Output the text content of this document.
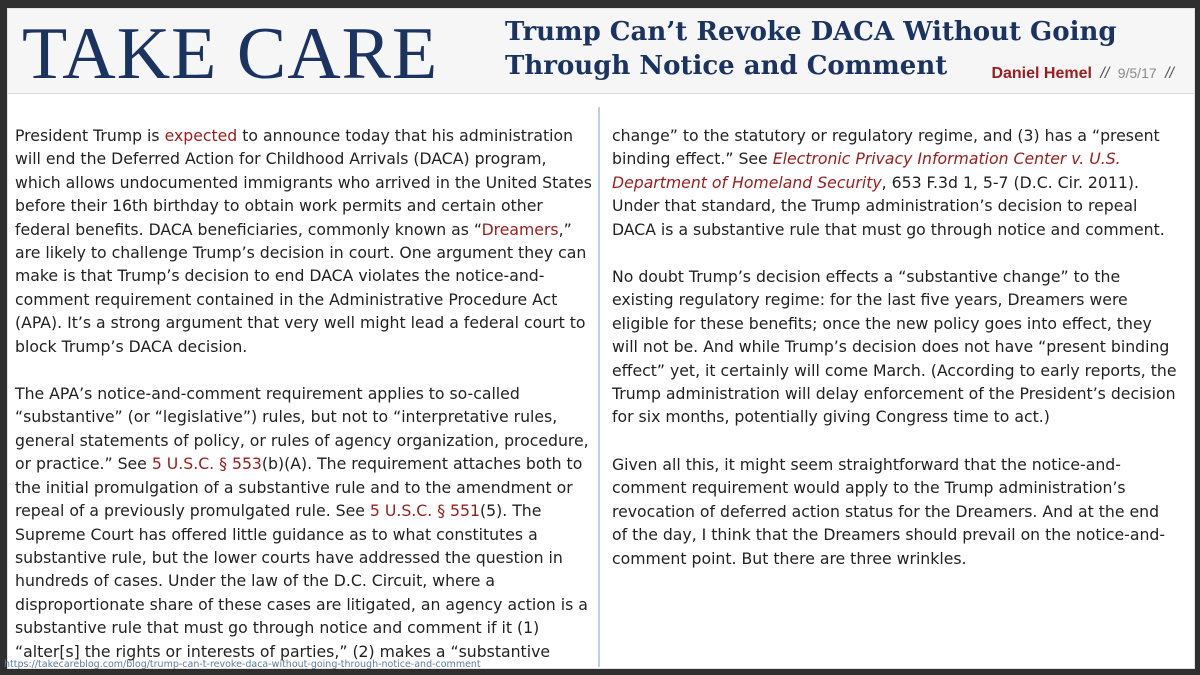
TAKE CARE	Trump Can’t Revoke DACA Without Going
Through Notice and Comment	Daniel Hemel // 9/5/17 //

President Trump is expected to announce today that his administration will end the Deferred Action for Childhood Arrivals (DACA) program, which allows undocumented immigrants who arrived in the United States before their 16th birthday to obtain work permits and certain other federal benefits. DACA beneficiaries, commonly known as “Dreamers,” are likely to challenge Trump’s decision in court. One argument they can make is that Trump’s decision to end DACA violates the notice-and-comment requirement contained in the Administrative Procedure Act (APA). It’s a strong argument that very well might lead a federal court to block Trump’s DACA decision.

The APA’s notice-and-comment requirement applies to so-called “substantive” (or “legislative”) rules, but not to “interpretative rules, general statements of policy, or rules of agency organization, procedure, or practice.” See 5 U.S.C. § 553(b)(A). The requirement attaches both to the initial promulgation of a substantive rule and to the amendment or repeal of a previously promulgated rule. See 5 U.S.C. § 551(5). The Supreme Court has offered little guidance as to what constitutes a substantive rule, but the lower courts have addressed the question in hundreds of cases. Under the law of the D.C. Circuit, where a disproportionate share of these cases are litigated, an agency action is a substantive rule that must go through notice and comment if it (1) “alter[s] the rights or interests of parties,” (2) makes a “substantive

change” to the statutory or regulatory regime, and (3) has a “present binding effect.” See Electronic Privacy Information Center v. U.S. Department of Homeland Security, 653 F.3d 1, 5-7 (D.C. Cir. 2011). Under that standard, the Trump administration’s decision to repeal DACA is a substantive rule that must go through notice and comment.

No doubt Trump’s decision effects a “substantive change” to the existing regulatory regime: for the last five years, Dreamers were eligible for these benefits; once the new policy goes into effect, they will not be. And while Trump’s decision does not have “present binding effect” yet, it certainly will come March. (According to early reports, the Trump administration will delay enforcement of the President’s decision for six months, potentially giving Congress time to act.)

Given all this, it might seem straightforward that the notice-and-comment requirement would apply to the Trump administration’s revocation of deferred action status for the Dreamers. And at the end of the day, I think that the Dreamers should prevail on the notice-and-comment point. But there are three wrinkles.

https://takecareblog.com/blog/trump-can-t-revoke-daca-without-going-through-notice-and-comment
